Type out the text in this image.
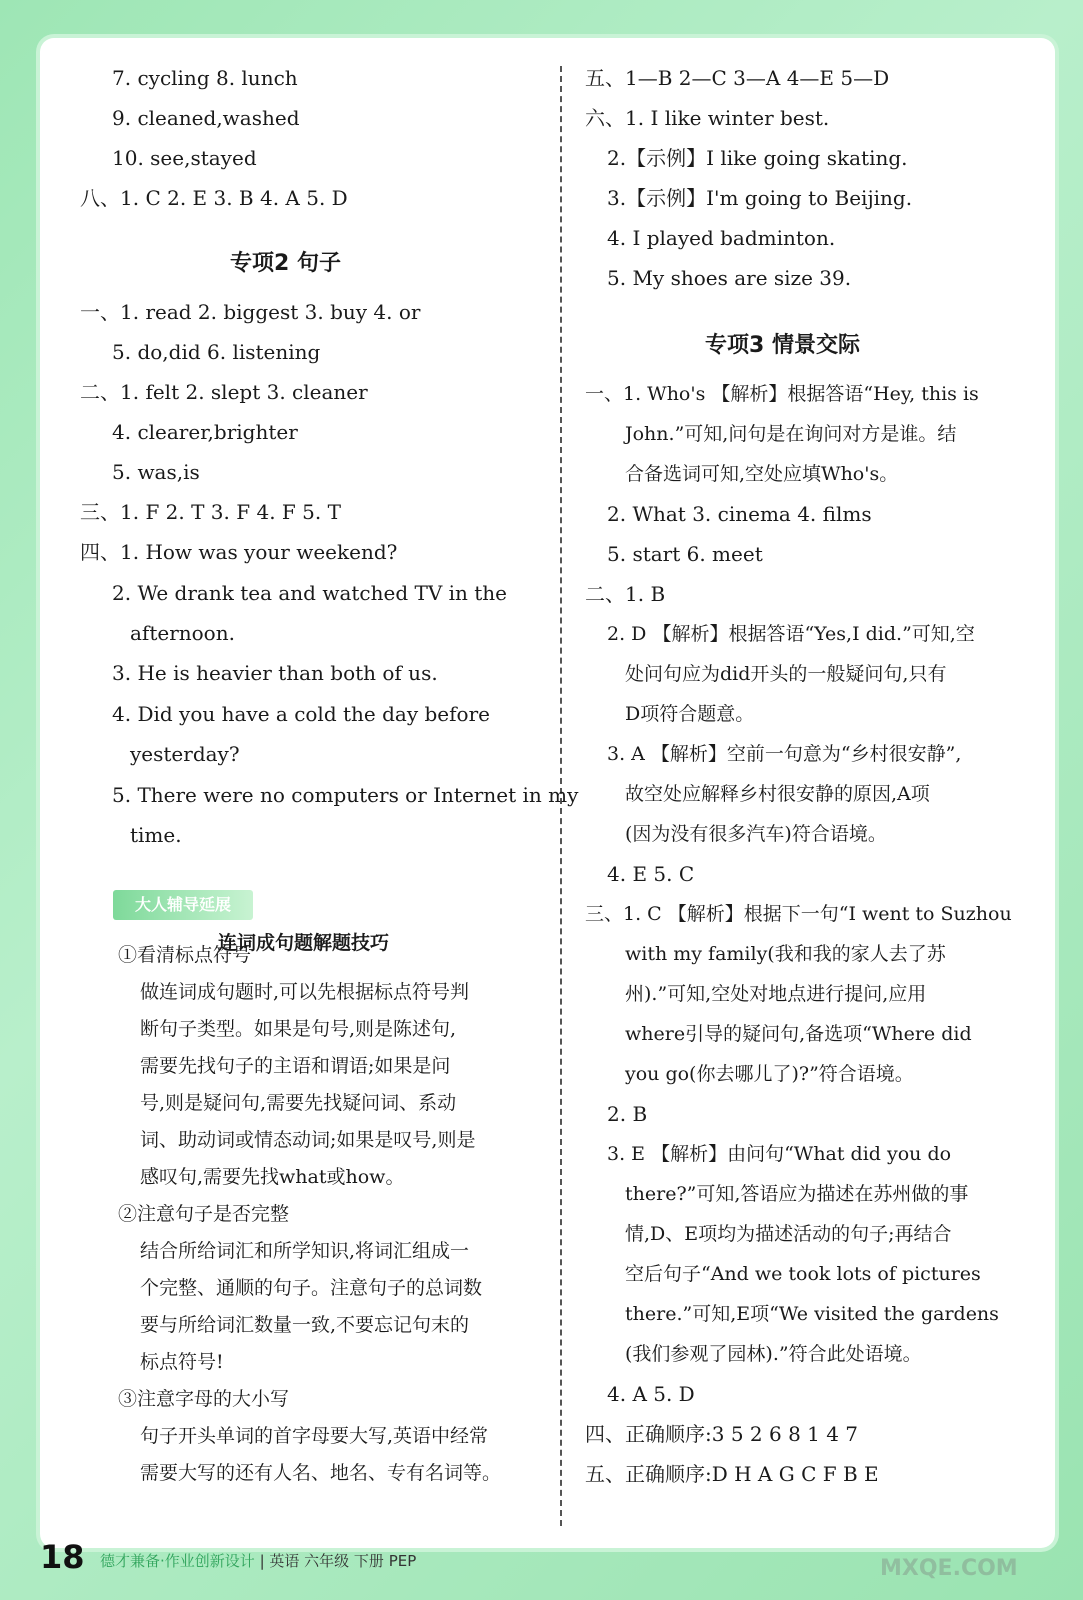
7. cycling 8. lunch
9. cleaned,washed
10. see,stayed
八、1. C 2. E 3. B 4. A 5. D
专项2 句子
一、1. read 2. biggest 3. buy 4. or
5. do,did 6. listening
二、1. felt 2. slept 3. cleaner
4. clearer,brighter
5. was,is
三、1. F 2. T 3. F 4. F 5. T
四、1. How was your weekend?
2. We drank tea and watched TV in the
afternoon.
3. He is heavier than both of us.
4. Did you have a cold the day before
yesterday?
5. There were no computers or Internet in my
time.
大人辅导延展
连词成句题解题技巧
①看清标点符号
做连词成句题时,可以先根据标点符号判
断句子类型。如果是句号,则是陈述句,
需要先找句子的主语和谓语;如果是问
号,则是疑问句,需要先找疑问词、系动
词、助动词或情态动词;如果是叹号,则是
感叹句,需要先找what或how。
②注意句子是否完整
结合所给词汇和所学知识,将词汇组成一
个完整、通顺的句子。注意句子的总词数
要与所给词汇数量一致,不要忘记句末的
标点符号!
③注意字母的大小写
句子开头单词的首字母要大写,英语中经常
需要大写的还有人名、地名、专有名词等。
五、1—B 2—C 3—A 4—E 5—D
六、1. I like winter best.
2.【示例】I like going skating.
3.【示例】I'm going to Beijing.
4. I played badminton.
5. My shoes are size 39.
专项3 情景交际
一、1. Who's 【解析】根据答语“Hey, this is
John.”可知,问句是在询问对方是谁。结
合备选词可知,空处应填Who's。
2. What 3. cinema 4. films
5. start 6. meet
二、1. B
2. D 【解析】根据答语“Yes,I did.”可知,空
处问句应为did开头的一般疑问句,只有
D项符合题意。
3. A 【解析】空前一句意为“乡村很安静”,
故空处应解释乡村很安静的原因,A项
(因为没有很多汽车)符合语境。
4. E 5. C
三、1. C 【解析】根据下一句“I went to Suzhou
with my family(我和我的家人去了苏
州).”可知,空处对地点进行提问,应用
where引导的疑问句,备选项“Where did
you go(你去哪儿了)?”符合语境。
2. B
3. E 【解析】由问句“What did you do
there?”可知,答语应为描述在苏州做的事
情,D、E项均为描述活动的句子;再结合
空后句子“And we took lots of pictures
there.”可知,E项“We visited the gardens
(我们参观了园林).”符合此处语境。
4. A 5. D
四、正确顺序:3 5 2 6 8 1 4 7
五、正确顺序:D H A G C F B E
18 德才兼备·作业创新设计 | 英语 六年级 下册 PEP	MXQE.COM
